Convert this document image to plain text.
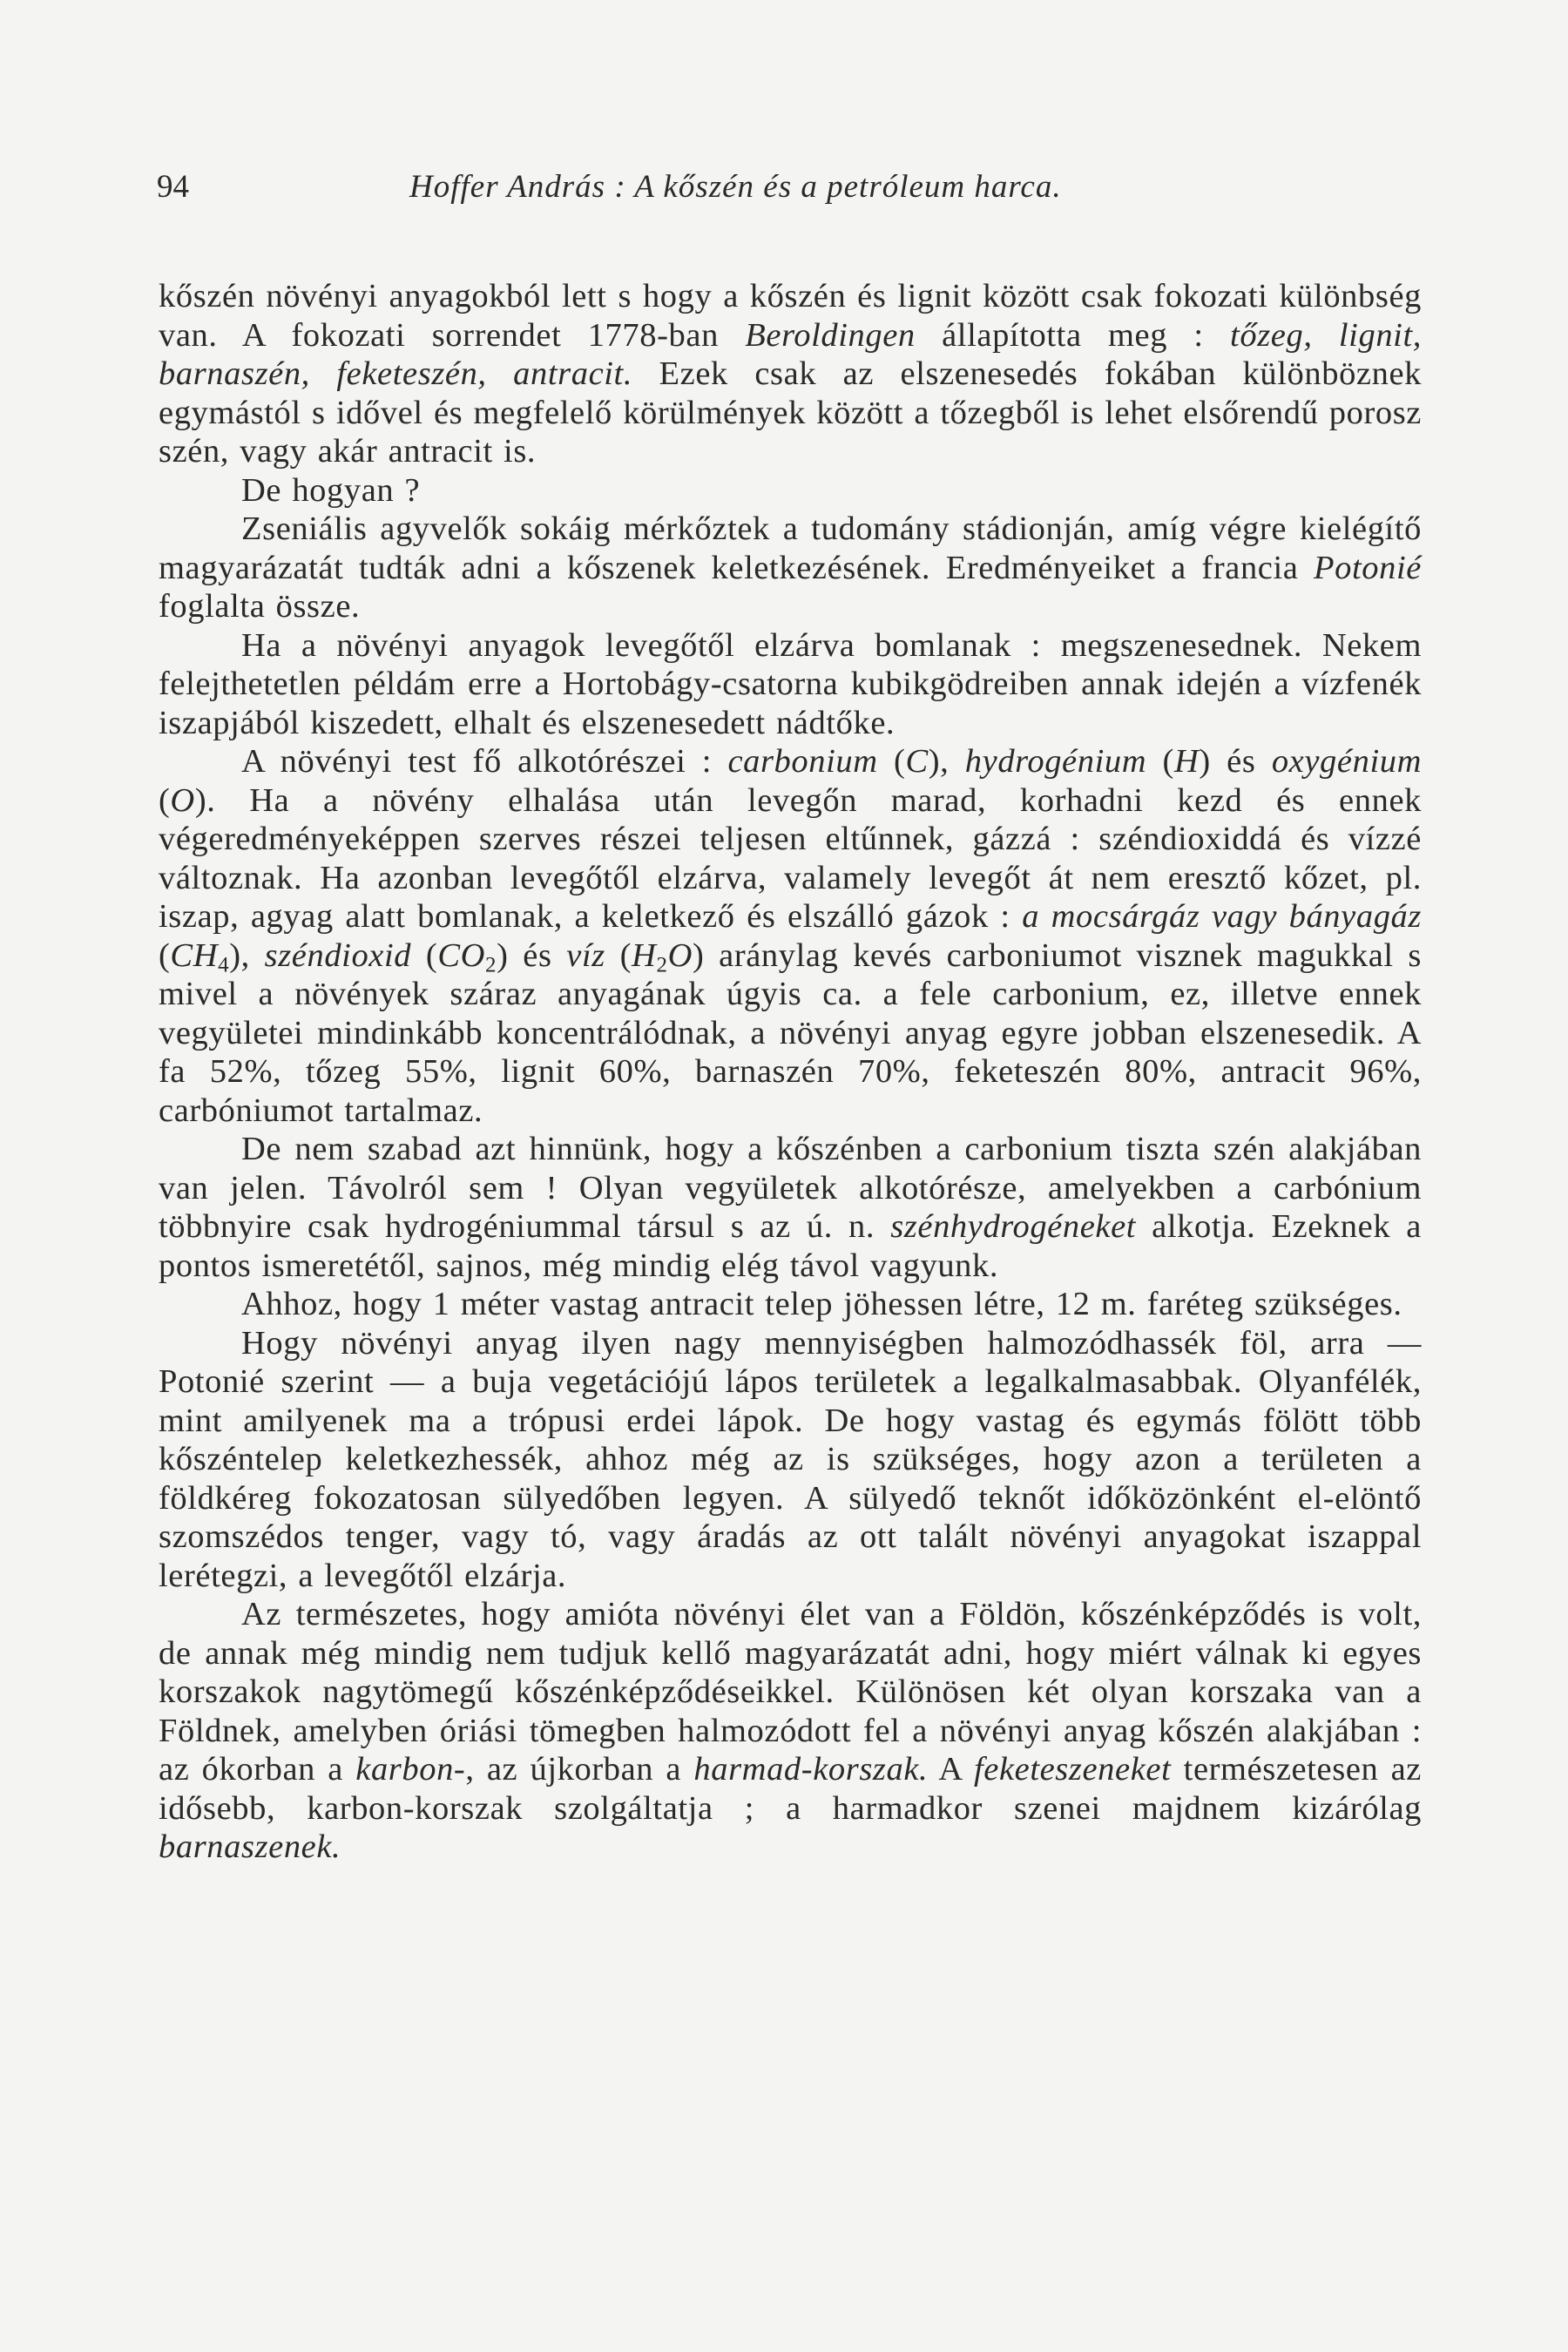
94	Hoffer András : A kőszén és a petróleum harca.

kőszén növényi anyagokból lett s hogy a kőszén és lignit között csak fokozati különbség van. A fokozati sorrendet 1778-ban Beroldingen állapította meg : tőzeg, lignit, barnaszén, feketeszén, antracit. Ezek csak az elszenesedés fokában különböznek egymástól s idővel és megfelelő körülmények között a tőzegből is lehet elsőrendű porosz szén, vagy akár antracit is.

De hogyan ?

Zseniális agyvelők sokáig mérkőztek a tudomány stádionján, amíg végre kielégítő magyarázatát tudták adni a kőszenek keletkezésének. Eredményeiket a francia Potonié foglalta össze.

Ha a növényi anyagok levegőtől elzárva bomlanak : megszenesednek. Nekem felejthetetlen példám erre a Hortobágy-csatorna kubikgödreiben annak idején a vízfenék iszapjából kiszedett, elhalt és elszenesedett nádtőke.

A növényi test fő alkotórészei : carbonium (C), hydrogénium (H) és oxygénium (O). Ha a növény elhalása után levegőn marad, korhadni kezd és ennek végeredményeképpen szerves részei teljesen eltűnnek, gázzá : széndioxiddá és vízzé változnak. Ha azonban levegőtől elzárva, valamely levegőt át nem eresztő kőzet, pl. iszap, agyag alatt bomlanak, a keletkező és elszálló gázok : a mocsárgáz vagy bányagáz $(CH_4)$, széndioxid $(CO_2)$ és víz $(H_2O)$ aránylag kevés carboniumot visznek magukkal s mivel a növények száraz anyagának úgyis ca. a fele carbonium, ez, illetve ennek vegyületei mindinkább koncentrálódnak, a növényi anyag egyre jobban elszenesedik. A fa 52%, tőzeg 55%, lignit 60%, barnaszén 70%, feketeszén 80%, antracit 96%, carbóniumot tartalmaz.

De nem szabad azt hinnünk, hogy a kőszénben a carbonium tiszta szén alakjában van jelen. Távolról sem ! Olyan vegyületek alkotórésze, amelyekben a carbónium többnyire csak hydrogéniummal társul s az ú. n. szénhydrogéneket alkotja. Ezeknek a pontos ismeretétől, sajnos, még mindig elég távol vagyunk.

Ahhoz, hogy 1 méter vastag antracit telep jöhessen létre, 12 m. faréteg szükséges.

Hogy növényi anyag ilyen nagy mennyiségben halmozódhassék föl, arra — Potonié szerint — a buja vegetációjú lápos területek a legalkalmasabbak. Olyanfélék, mint amilyenek ma a trópusi erdei lápok. De hogy vastag és egymás fölött több kőszéntelep keletkezhessék, ahhoz még az is szükséges, hogy azon a területen a földkéreg fokozatosan sülyedőben legyen. A sülyedő teknőt időközönként el-elöntő szomszédos tenger, vagy tó, vagy áradás az ott talált növényi anyagokat iszappal lerétegzi, a levegőtől elzárja.

Az természetes, hogy amióta növényi élet van a Földön, kőszénképződés is volt, de annak még mindig nem tudjuk kellő magyarázatát adni, hogy miért válnak ki egyes korszakok nagytömegű kőszénképződéseikkel. Különösen két olyan korszaka van a Földnek, amelyben óriási tömegben halmozódott fel a növényi anyag kőszén alakjában : az ókorban a karbon-, az újkorban a harmad-korszak. A feketeszeneket természetesen az idősebb, karbon-korszak szolgáltatja ; a harmadkor szenei majdnem kizárólag barnaszenek.
